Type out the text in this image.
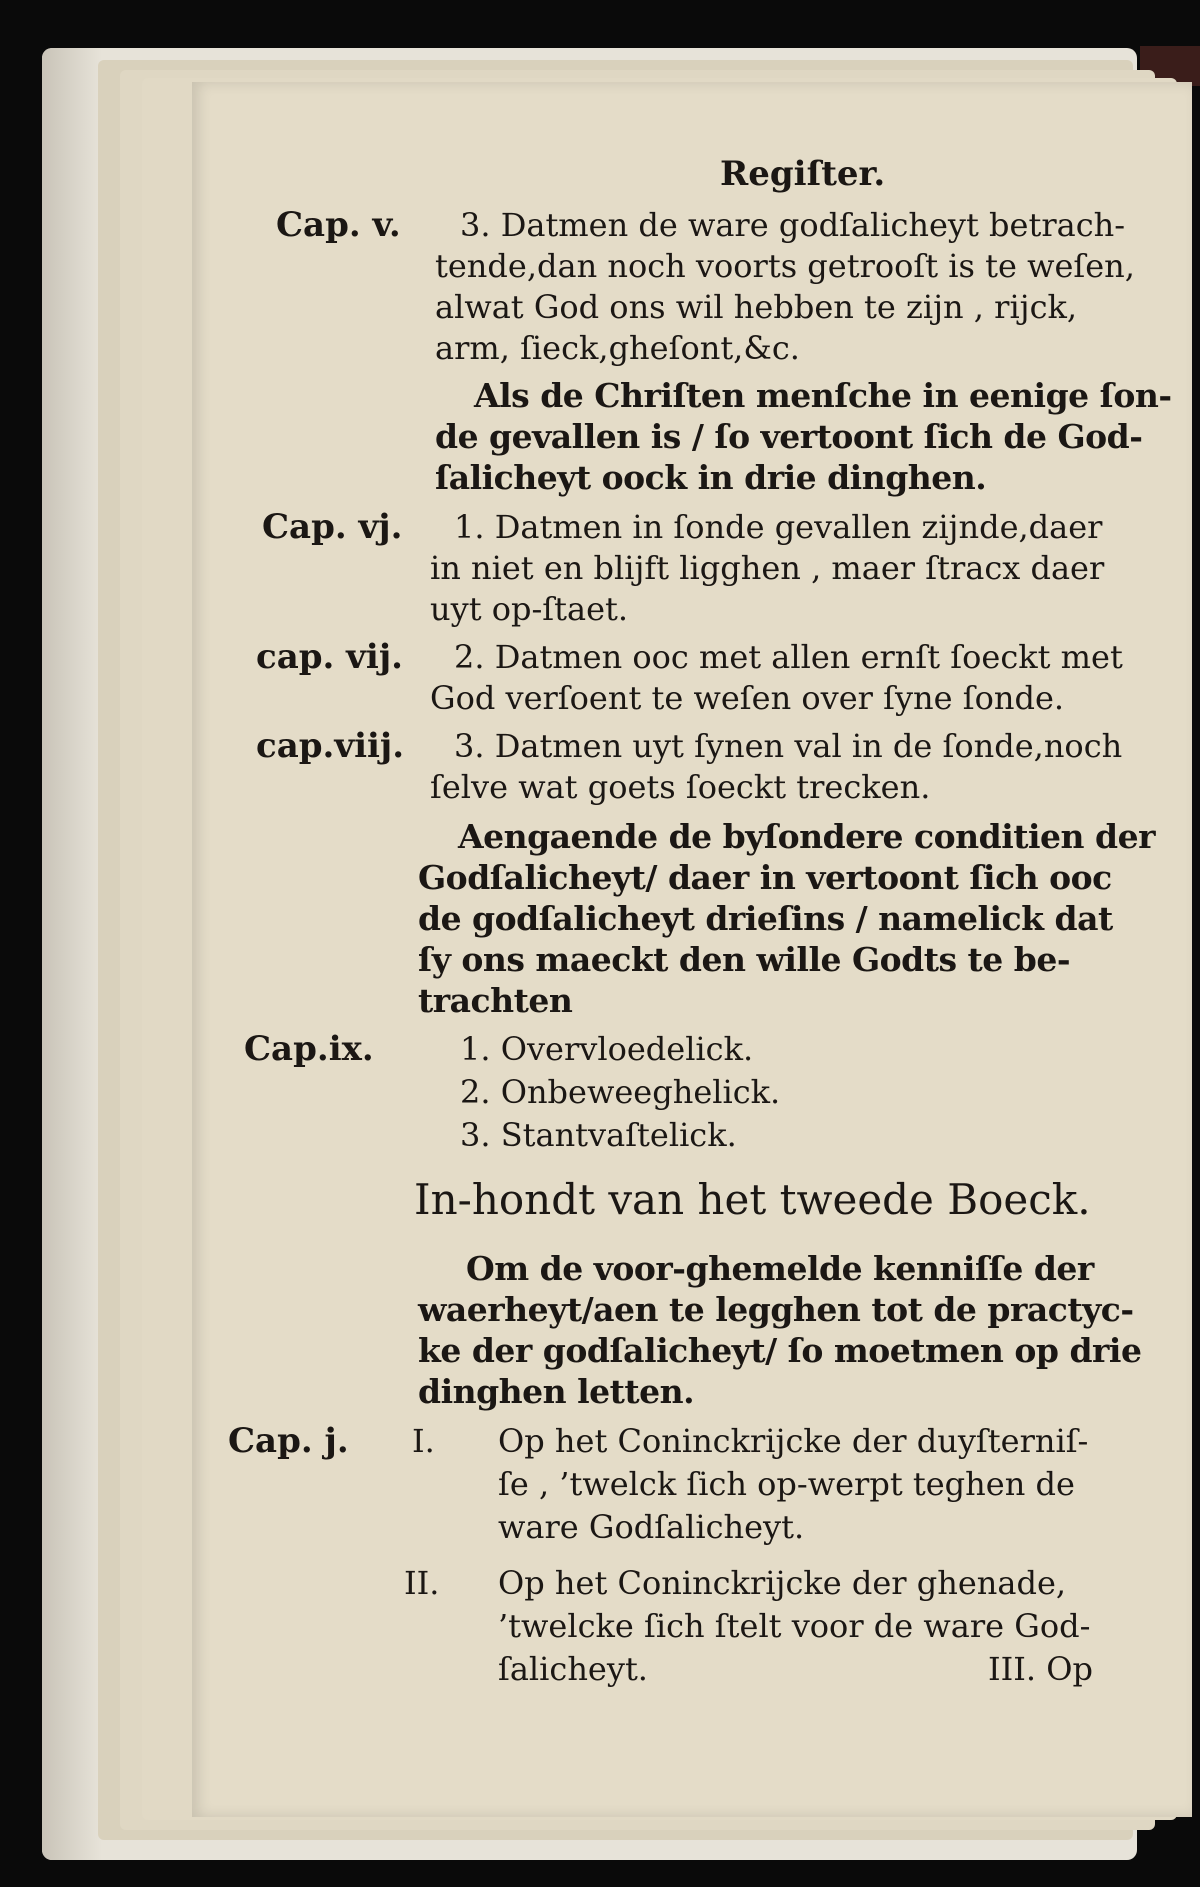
Regiſter.
Cap. v. 3. Datmen de ware godſalicheyt betrach-
tende,dan noch voorts getrooſt is te weſen,
alwat God ons wil hebben te zijn , rijck,
arm, ſieck,gheſont,&c.
Als de Chriſten menſche in eenige ſon-
de gevallen is / ſo vertoont ſich de God-
ſalicheyt oock in drie dinghen.
Cap. vj. 1. Datmen in ſonde gevallen zijnde,daer
in niet en blijft ligghen , maer ſtracx daer
uyt op-ſtaet.
cap. vij. 2. Datmen ooc met allen ernſt ſoeckt met
God verſoent te weſen over ſyne ſonde.
cap.viij. 3. Datmen uyt ſynen val in de ſonde,noch
ſelve wat goets ſoeckt trecken.
Aengaende de byſondere conditien der
Godſalicheyt/ daer in vertoont ſich ooc
de godſalicheyt drieſins / namelick dat
ſy ons maeckt den wille Godts te be-
trachten
Cap.ix.	1. Overvloedelick.
2. Onbeweeghelick.
3. Stantvaſtelick.
In-hondt van het tweede Boeck.
Om de voor-ghemelde kenniſſe der
waerheyt/aen te legghen tot de practyc-
ke der godſalicheyt/ ſo moetmen op drie
dinghen letten.
Cap. j. I. Op het Coninckrijcke der duyſterniſ-
ſe , ’twelck ſich op-werpt teghen de
ware Godſalicheyt.
II. Op het Coninckrijcke der ghenade,
’twelcke ſich ſtelt voor de ware God-
ſalicheyt.	III. Op
